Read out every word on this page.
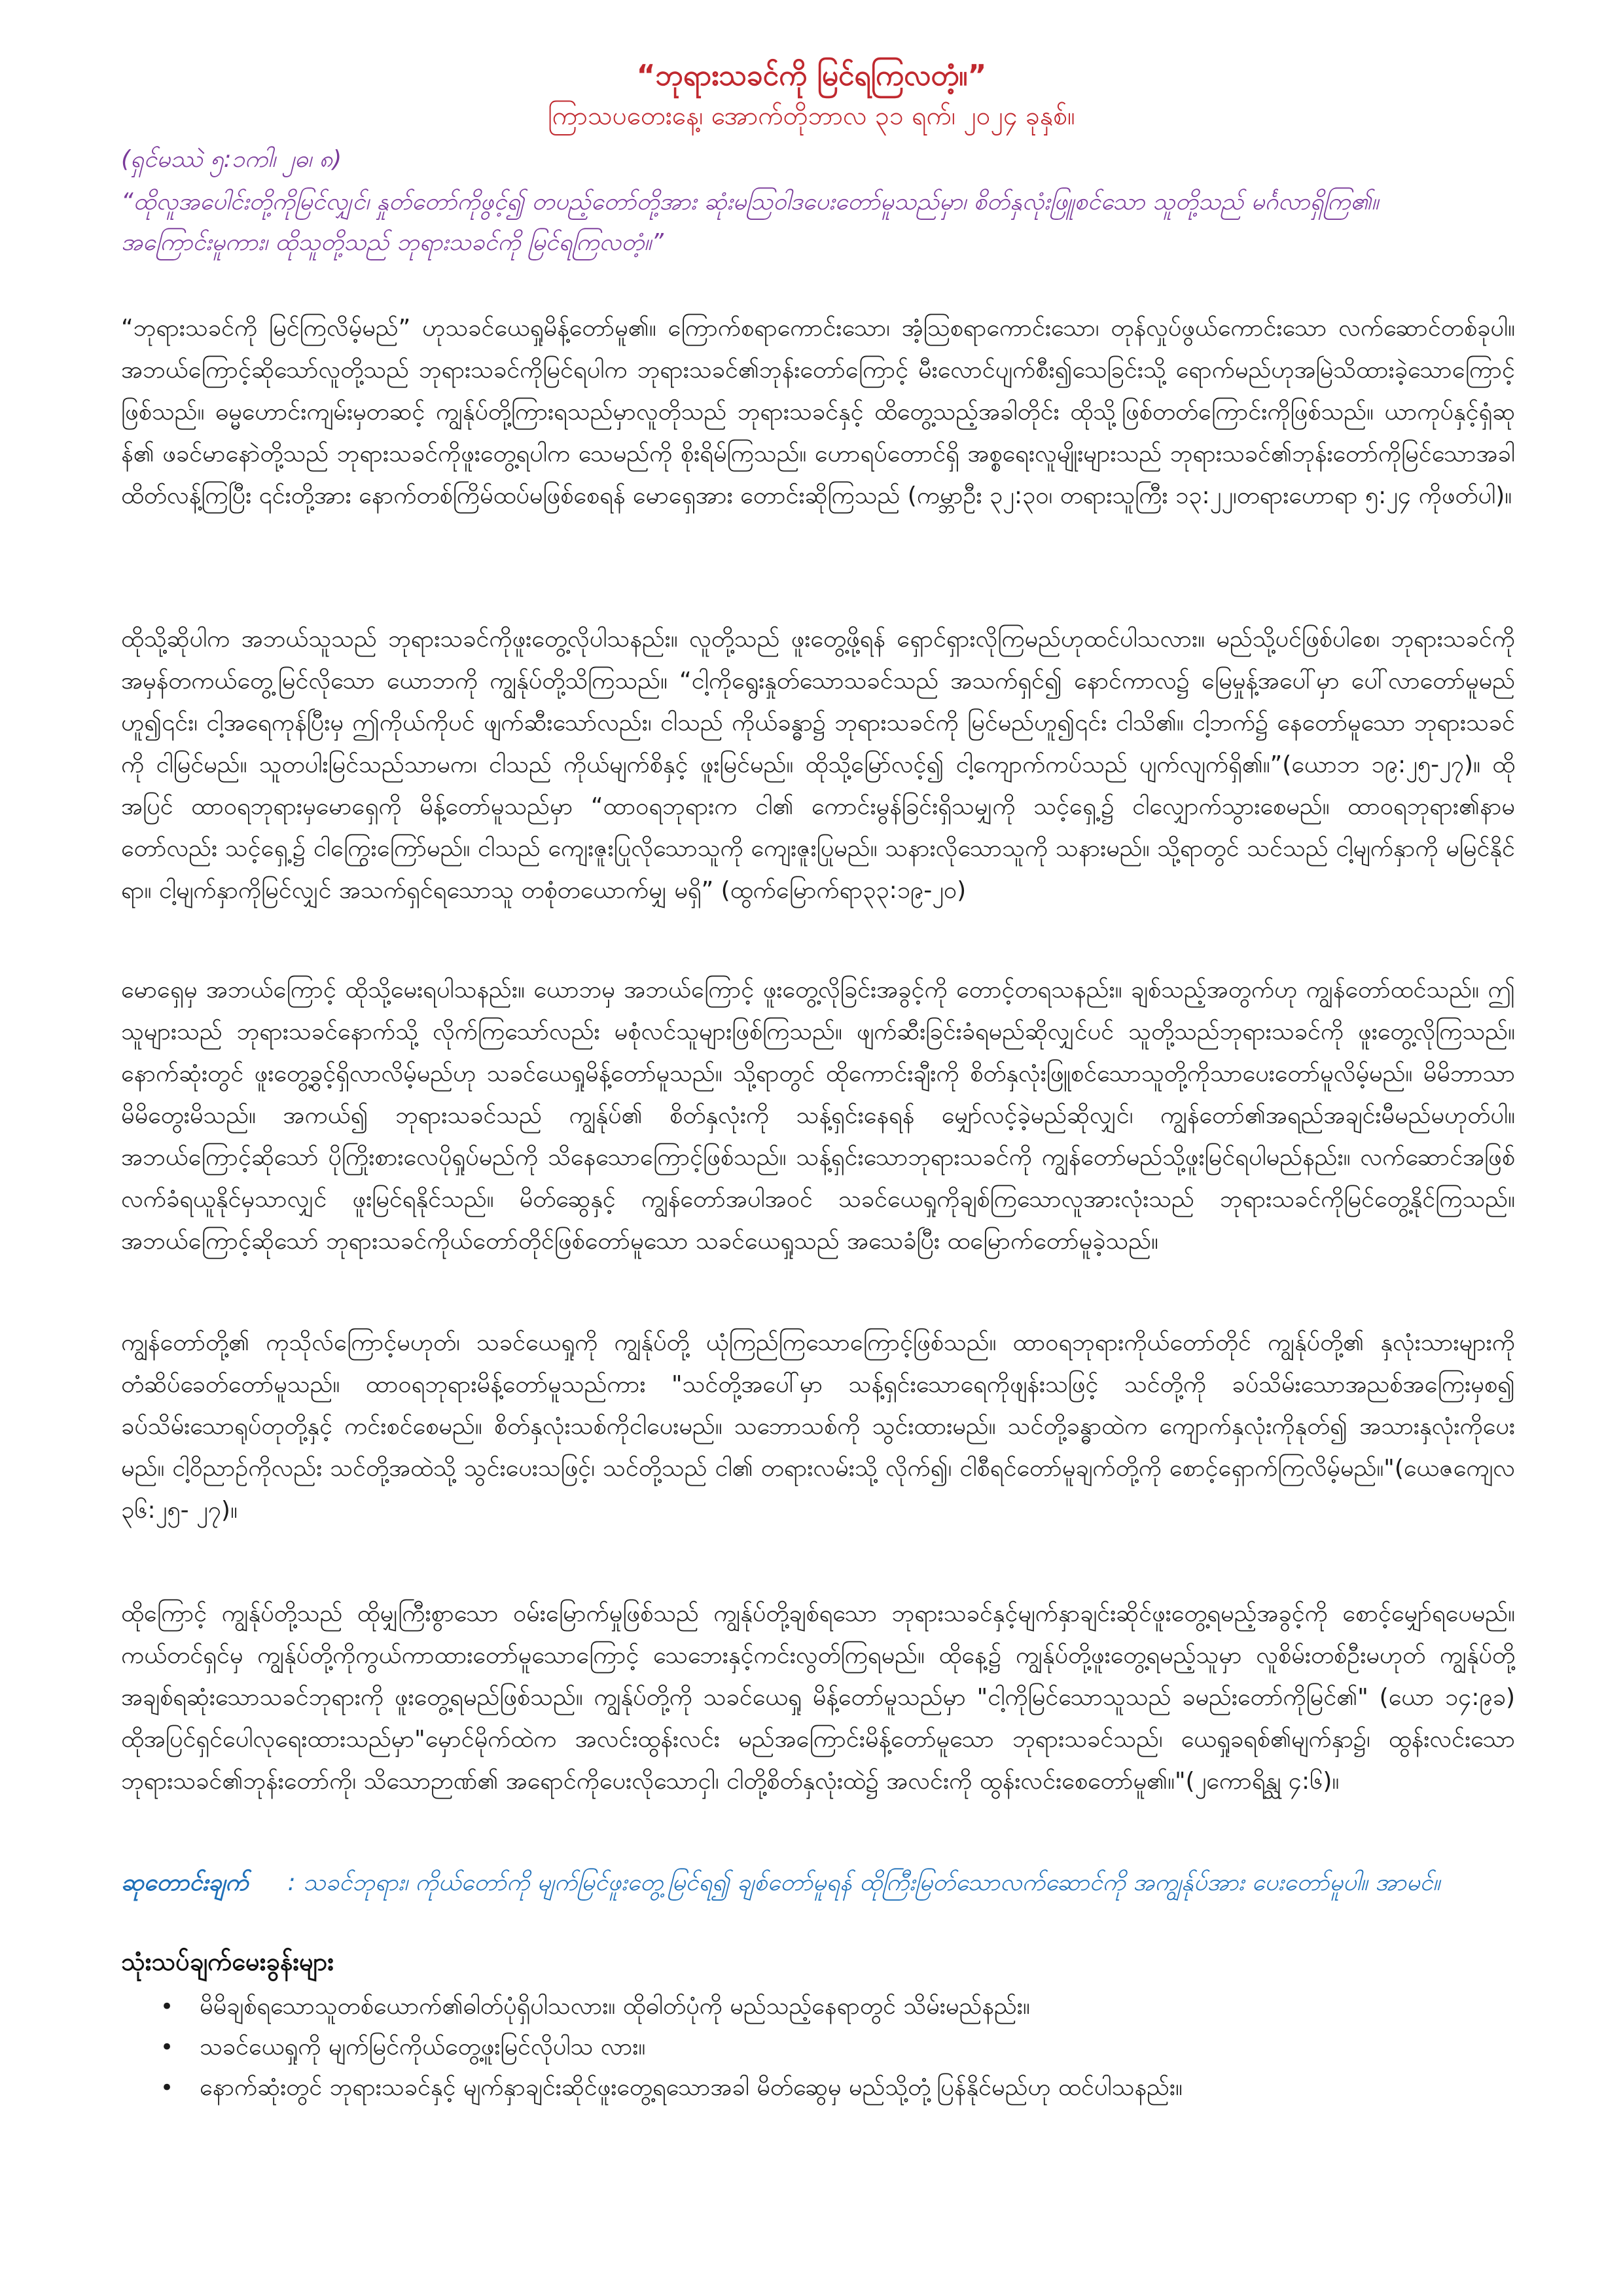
“ဘုရားသခင်ကို မြင်ရကြလတံ့။”
ကြာသပတေးနေ့၊ အောက်တိုဘာလ ၃၁ ရက်၊ ၂၀၂၄ ခုနှစ်။
(ရှင်မဿဲ ၅:၁ကါ၊ ၂ဓ၊ ၈)
“ထိုလူအပေါင်းတို့ကိုမြင်လျှင်၊ နှုတ်တော်ကိုဖွင့်၍ တပည့်တော်တို့အား ဆုံးမဩဝါဒပေးတော်မူသည်မှာ၊ စိတ်နှလုံးဖြူစင်သော သူတို့သည် မင်္ဂလာရှိကြ၏။ အကြောင်းမူကား၊ ထိုသူတို့သည် ဘုရားသခင်ကို မြင်ရကြလတံ့။”
“ဘုရားသခင်ကို မြင်ကြလိမ့်မည်” ဟုသခင်ယေရှုမိန့်တော်မူ၏။ ကြောက်စရာကောင်းသော၊ အံ့သြစရာကောင်းသော၊ တုန်လှုပ်ဖွယ်ကောင်းသော လက်ဆောင်တစ်ခုပါ။ အဘယ်ကြောင့်ဆိုသော်လူတို့သည် ဘုရားသခင်ကိုမြင်ရပါက ဘုရားသခင်၏ဘုန်းတော်ကြောင့် မီးလောင်ပျက်စီး၍သေခြင်းသို့ ရောက်မည်ဟုအမြဲသိထားခဲ့သောကြောင့်ဖြစ်သည်။ ဓမ္မဟောင်းကျမ်းမှတဆင့် ကျွန်ုပ်တို့ကြားရသည်မှာလူတိုသည် ဘုရားသခင်နှင့် ထိတွေ့သည့်အခါတိုင်း ထိုသို့ဖြစ်တတ်ကြောင်းကိုဖြစ်သည်။ ယာကုပ်နှင့်ရှံဆုန်၏ ဖခင်မာနောဲတို့သည် ဘုရားသခင်ကိုဖူးတွေ့ရပါက သေမည်ကို စိုးရိမ်ကြသည်။ ဟောရပ်တောင်ရှိ အစ္စရေးလူမျိုးများသည် ဘုရားသခင်၏ဘုန်းတော်ကိုမြင်သောအခါ ထိတ်လန့်ကြပြီး ၎င်းတို့အား နောက်တစ်ကြိမ်ထပ်မဖြစ်စေရန် မောရှေအား တောင်းဆိုကြသည် (ကမ္ဘာဦး ၃၂:၃၀၊ တရားသူကြီး ၁၃:၂၂၊တရားဟောရာ ၅:၂၄ ကိုဖတ်ပါ)။
ထိုသို့ဆိုပါက အဘယ်သူသည် ဘုရားသခင်ကိုဖူးတွေ့လိုပါသနည်း။ လူတို့သည် ဖူးတွေ့ဖို့ရန် ရှောင်ရှားလိုကြမည်ဟုထင်ပါသလား။ မည်သို့ပင်ဖြစ်ပါစေ၊ ဘုရားသခင်ကို အမှန်တကယ်တွေ့မြင်လိုသော ယောဘကို ကျွန်ုပ်တို့သိကြသည်။ “ငါ့ကိုရွေးနှုတ်သောသခင်သည် အသက်ရှင်၍ နောင်ကာလ၌ မြေမှုန့်အပေါ်မှာ ပေါ်လာတော်မူမည်ဟူ၍၎င်း၊ ငါ့အရေကုန်ပြီးမှ ဤကိုယ်ကိုပင် ဖျက်ဆီးသော်လည်း၊ ငါသည် ကိုယ်ခန္ဓာ၌ ဘုရားသခင်ကို မြင်မည်ဟူ၍၎င်း ငါသိ၏။ ငါ့ဘက်၌ နေတော်မူသော ဘုရားသခင်ကို ငါမြင်မည်။ သူတပါးမြင်သည်သာမက၊ ငါသည် ကိုယ်မျက်စိနှင့် ဖူးမြင်မည်။ ထိုသို့မြော်လင့်၍ ငါ့ကျောက်ကပ်သည် ပျက်လျက်ရှိ၏။”(ယောဘ ၁၉:၂၅-၂၇)။ ထိုအပြင် ထာဝရဘုရားမှမောရှေကို မိန့်တော်မူသည်မှာ “ထာဝရဘုရားက ငါ၏ ကောင်းမွန်ခြင်းရှိသမျှကို သင့်ရှေ့၌ ငါလျှောက်သွားစေမည်။ ထာဝရဘုရား၏နာမတော်လည်း သင့်ရှေ့၌ ငါကြွေးကြော်မည်။ ငါသည် ကျေးဇူးပြုလိုသောသူကို ကျေးဇူးပြုမည်။ သနားလိုသောသူကို သနားမည်။ သို့ရာတွင် သင်သည် ငါ့မျက်နှာကို မမြင်နိုင်ရာ။ ငါ့မျက်နှာကိုမြင်လျှင် အသက်ရှင်ရသောသူ တစုံတယောက်မျှ မရှိ” (ထွက်မြောက်ရာ၃၃:၁၉-၂၀)
မောရှေမှ အဘယ်ကြောင့် ထိုသို့မေးရပါသနည်း။ ယောဘမှ အဘယ်ကြောင့် ဖူးတွေ့လိုခြင်းအခွင့်ကို တောင့်တရသနည်း။ ချစ်သည့်အတွက်ဟု ကျွန်တော်ထင်သည်။ ဤသူများသည် ဘုရားသခင်နောက်သို့ လိုက်ကြသော်လည်း မစုံလင်သူများဖြစ်ကြသည်။ ဖျက်ဆီးခြင်းခံရမည်ဆိုလျှင်ပင် သူတို့သည်ဘုရားသခင်ကို ဖူးတွေ့လိုကြသည်။ နောက်ဆုံးတွင် ဖူးတွေ့ခွင့်ရှိလာလိမ့်မည်ဟု သခင်ယေရှုမိန့်တော်မူသည်။ သို့ရာတွင် ထိုကောင်းချီးကို စိတ်နှလုံးဖြူစင်သောသူတို့ကိုသာပေးတော်မူလိမ့်မည်။ မိမိဘာသာမိမိတွေးမိသည်။ အကယ်၍ ဘုရားသခင်သည် ကျွန်ုပ်၏ စိတ်နှလုံးကို သန့်ရှင်းနေရန် မျှော်လင့်ခဲ့မည်ဆိုလျှင်၊ ကျွန်တော်၏အရည်အချင်းမီမည်မဟုတ်ပါ။ အဘယ်ကြောင့်ဆိုသော် ပိုကြိုးစားလေပိုရှုပ်မည်ကို သိနေသောကြောင့်ဖြစ်သည်။ သန့်ရှင်းသောဘုရားသခင်ကို ကျွန်တော်မည်သို့ဖူးမြင်ရပါမည်နည်း။ လက်ဆောင်အဖြစ်လက်ခံရယူနိုင်မှသာလျှင် ဖူးမြင်ရနိုင်သည်။ မိတ်ဆွေနှင့် ကျွန်တော်အပါအဝင် သခင်ယေရှုကိုချစ်ကြသောလူအားလုံးသည် ဘုရားသခင်ကိုမြင်တွေ့နိုင်ကြသည်။ အဘယ်ကြောင့်ဆိုသော် ဘုရားသခင်ကိုယ်တော်တိုင်ဖြစ်တော်မူသော သခင်ယေရှုသည် အသေခံပြီး ထမြောက်တော်မူခဲ့သည်။
ကျွန်တော်တို့၏ ကုသိုလ်ကြောင့်မဟုတ်၊ သခင်ယေရှုကို ကျွန်ုပ်တို့ ယုံကြည်ကြသောကြောင့်ဖြစ်သည်။ ထာဝရဘုရားကိုယ်တော်တိုင် ကျွန်ုပ်တို့၏ နှလုံးသားများကို တံဆိပ်ခေတ်တော်မူသည်။ ထာဝရဘုရားမိန့်တော်မူသည်ကား "သင်တို့အပေါ်မှာ သန့်ရှင်းသောရေကိုဖျန်းသဖြင့် သင်တို့ကို ခပ်သိမ်းသောအညစ်အကြေးမှစ၍ ခပ်သိမ်းသောရုပ်တုတို့နှင့် ကင်းစင်စေမည်။ စိတ်နှလုံးသစ်ကိုငါပေးမည်။ သဘောသစ်ကို သွင်းထားမည်။ သင်တို့ခန္ဓာထဲက ကျောက်နှလုံးကိုနုတ်၍ အသားနှလုံးကိုပေးမည်။ ငါ့ဝိညာဉ်ကိုလည်း သင်တို့အထဲသို့ သွင်းပေးသဖြင့်၊ သင်တို့သည် ငါ၏ တရားလမ်းသို့ လိုက်၍၊ ငါစီရင်တော်မူချက်တို့ကို စောင့်ရှောက်ကြလိမ့်မည်။"(ယေဇကျေလ ၃၆:၂၅- ၂၇)။
ထိုကြောင့် ကျွန်ုပ်တို့သည် ထိုမျှကြီးစွာသော ဝမ်းမြောက်မှုဖြစ်သည် ကျွန်ုပ်တို့ချစ်ရသော ဘုရားသခင်နှင့်မျက်နှာချင်းဆိုင်ဖူးတွေ့ရမည့်အခွင့်ကို စောင့်မျှော်ရပေမည်။ ကယ်တင်ရှင်မှ ကျွန်ုပ်တို့ကိုကွယ်ကာထားတော်မူသောကြောင့် သေဘေးနှင့်ကင်းလွတ်ကြရမည်။ ထိုနေ့၌ ကျွန်ုပ်တို့ဖူးတွေ့ရမည့်သူမှာ လူစိမ်းတစ်ဦးမဟုတ် ကျွန်ုပ်တို့အချစ်ရဆုံးသောသခင်ဘုရားကို ဖူးတွေ့ရမည်ဖြစ်သည်။ ကျွန်ုပ်တို့ကို သခင်ယေရှု မိန့်တော်မူသည်မှာ "ငါ့ကိုမြင်သောသူသည် ခမည်းတော်ကိုမြင်၏" (ယော ၁၄:၉ခ) ထိုအပြင်ရှင်ပေါလုရေးထားသည်မှာ"မှောင်မိုက်ထဲက အလင်းထွန်းလင်း မည်အကြောင်းမိန့်တော်မူသော ဘုရားသခင်သည်၊ ယေရှုခရစ်၏မျက်နှာ၌၊ ထွန်းလင်းသော ဘုရားသခင်၏ဘုန်းတော်ကို၊ သိသောဉာဏ်၏ အရောင်ကိုပေးလိုသောငှါ၊ ငါတို့စိတ်နှလုံးထဲ၌ အလင်းကို ထွန်းလင်းစေတော်မူ၏။"(၂ကောရိန္သု ၄:၆)။
ဆုတောင်းချက် : သခင်ဘုရား၊ ကိုယ်တော်ကို မျက်မြင်ဖူးတွေ့မြင်ရ၍ ချစ်တော်မူရန် ထိုကြီးမြတ်သောလက်ဆောင်ကို အကျွန်ုပ်အား ပေးတော်မူပါ။ အာမင်။
သုံးသပ်ချက်မေးခွန်းများ
• မိမိချစ်ရသောသူတစ်ယောက်၏ဓါတ်ပုံရှိပါသလား။ ထိုဓါတ်ပုံကို မည်သည့်နေရာတွင် သိမ်းမည်နည်း။
• သခင်ယေရှုကို မျက်မြင်ကိုယ်တွေ့ဖူးမြင်လိုပါသ လား။
• နောက်ဆုံးတွင် ဘုရားသခင်နှင့် မျက်နှာချင်းဆိုင်ဖူးတွေ့ရသောအခါ မိတ်ဆွေမှ မည်သို့တုံ့ပြန်နိုင်မည်ဟု ထင်ပါသနည်း။
